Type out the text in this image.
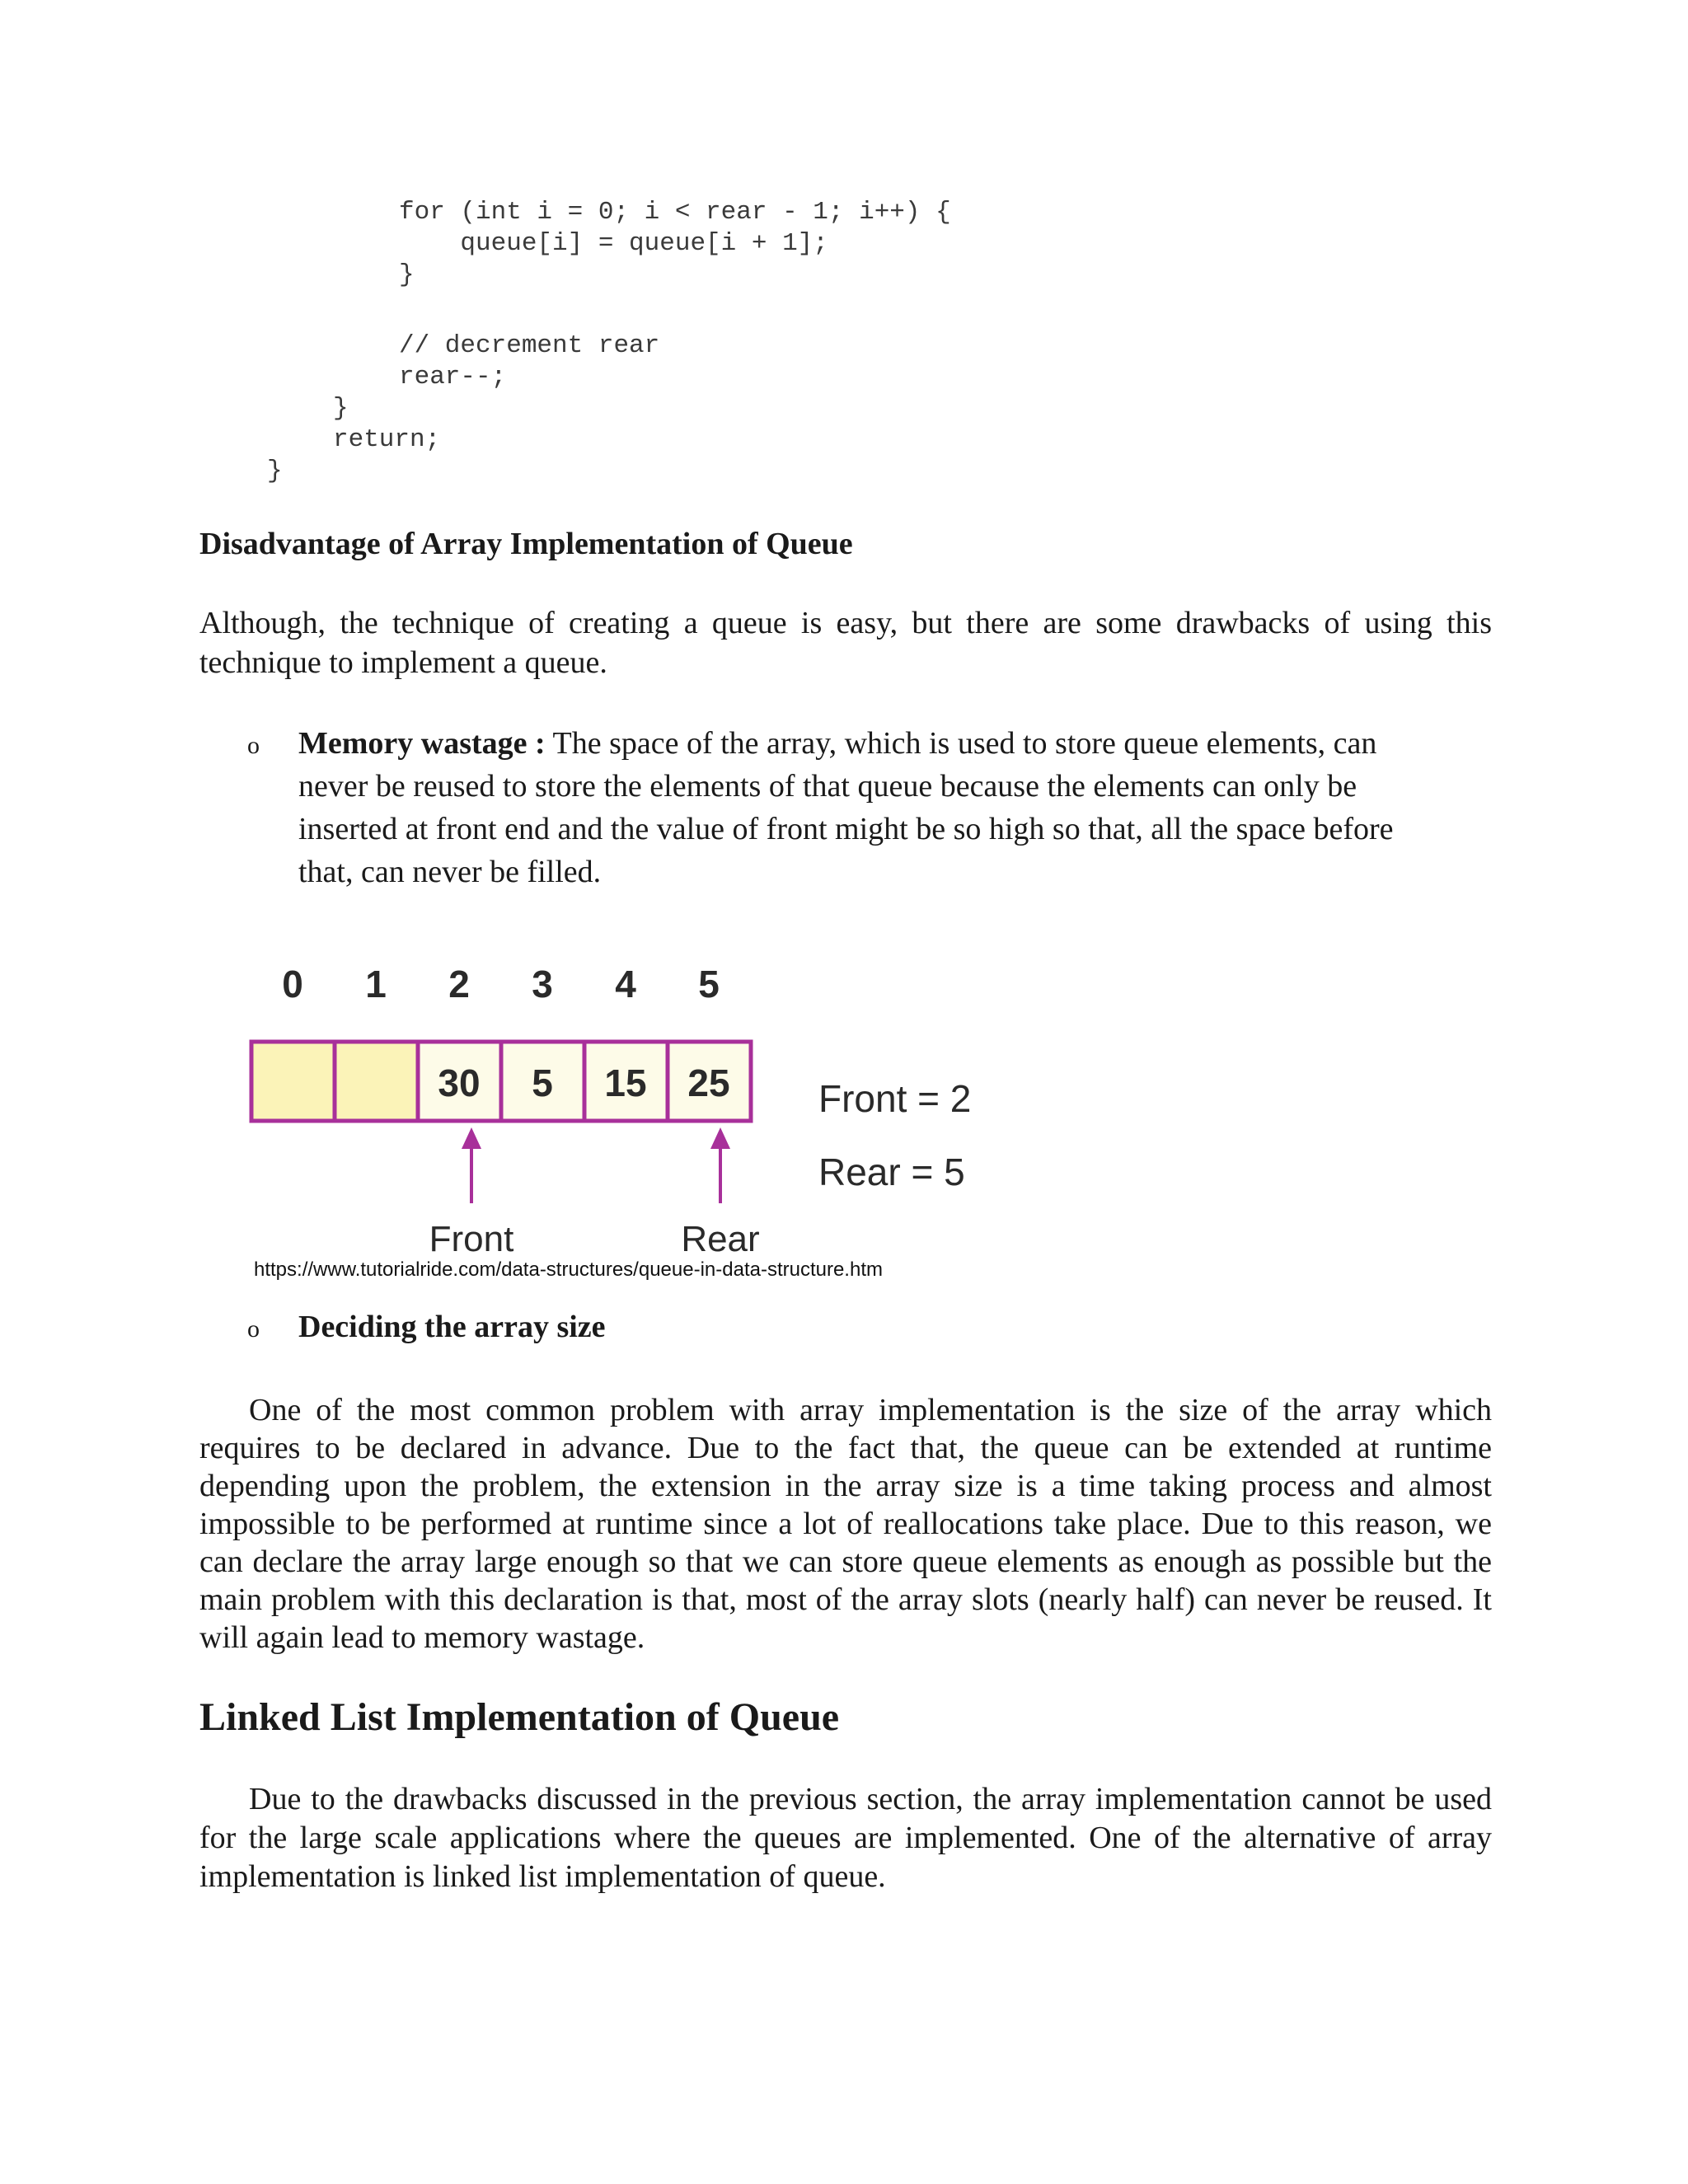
for (int i = 0; i < rear - 1; i++) {
queue[i] = queue[i + 1];
}
// decrement rear
rear--;
}
return;
}
Disadvantage of Array Implementation of Queue

Although, the technique of creating a queue is easy, but there are some drawbacks of using this technique to implement a queue.

o Memory wastage : The space of the array, which is used to store queue elements, can never be reused to store the elements of that queue because the elements can only be inserted at front end and the value of front might be so high so that, all the space before that, can never be filled.

0 1 2 3 4 5
30 5 15 25
Front	Rear
Front = 2
Rear = 5
https://www.tutorialride.com/data-structures/queue-in-data-structure.htm
o Deciding the array size

One of the most common problem with array implementation is the size of the array which requires to be declared in advance. Due to the fact that, the queue can be extended at runtime depending upon the problem, the extension in the array size is a time taking process and almost impossible to be performed at runtime since a lot of reallocations take place. Due to this reason, we can declare the array large enough so that we can store queue elements as enough as possible but the main problem with this declaration is that, most of the array slots (nearly half) can never be reused. It will again lead to memory wastage.

Linked List Implementation of Queue

Due to the drawbacks discussed in the previous section, the array implementation cannot be used for the large scale applications where the queues are implemented. One of the alternative of array implementation is linked list implementation of queue.
